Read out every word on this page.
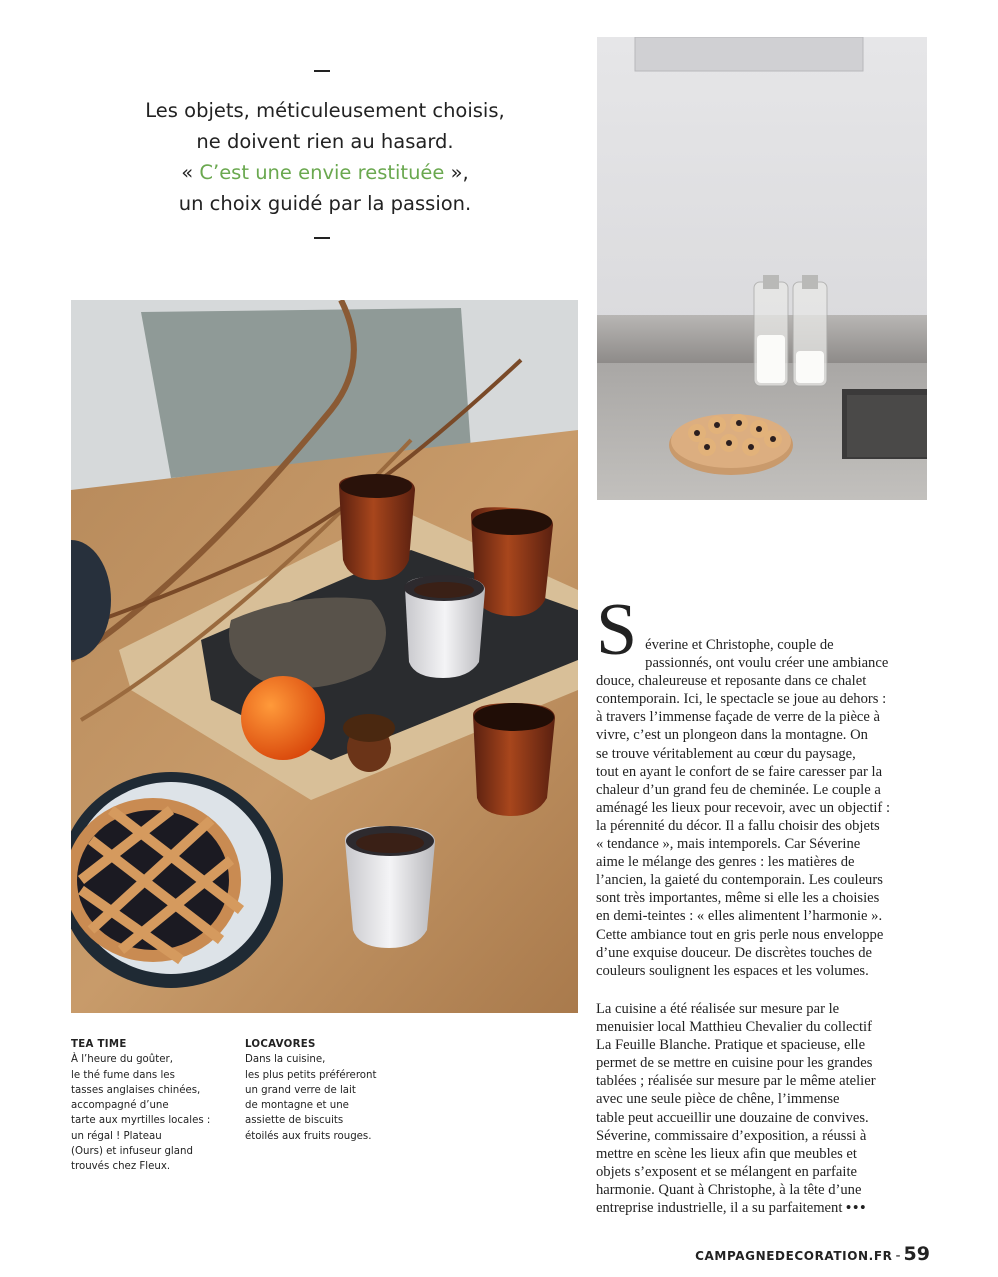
Les objets, méticuleusement choisis,
ne doivent rien au hasard.
« C’est une envie restituée »,
un choix guidé par la passion.
TEA TIME
À l’heure du goûter,
le thé fume dans les
tasses anglaises chinées,
accompagné d’une
tarte aux myrtilles locales :
un régal ! Plateau
(Ours) et infuseur gland
trouvés chez Fleux.
LOCAVORES
Dans la cuisine,
les plus petits préféreront
un grand verre de lait
de montagne et une
assiette de biscuits
étoilés aux fruits rouges.
S éverine et Christophe, couple de
passionnés, ont voulu créer une ambiance
douce, chaleureuse et reposante dans ce chalet
contemporain. Ici, le spectacle se joue au dehors :
à travers l’immense façade de verre de la pièce à
vivre, c’est un plongeon dans la montagne. On
se trouve véritablement au cœur du paysage,
tout en ayant le confort de se faire caresser par la
chaleur d’un grand feu de cheminée. Le couple a
aménagé les lieux pour recevoir, avec un objectif :
la pérennité du décor. Il a fallu choisir des objets
« tendance », mais intemporels. Car Séverine
aime le mélange des genres : les matières de
l’ancien, la gaieté du contemporain. Les couleurs
sont très importantes, même si elle les a choisies
en demi-teintes : « elles alimentent l’harmonie ».
Cette ambiance tout en gris perle nous enveloppe
d’une exquise douceur. De discrètes touches de
couleurs soulignent les espaces et les volumes.
La cuisine a été réalisée sur mesure par le
menuisier local Matthieu Chevalier du collectif
La Feuille Blanche. Pratique et spacieuse, elle
permet de se mettre en cuisine pour les grandes
tablées ; réalisée sur mesure par le même atelier
avec une seule pièce de chêne, l’immense
table peut accueillir une douzaine de convives.
Séverine, commissaire d’exposition, a réussi à
mettre en scène les lieux afin que meubles et
objets s’exposent et se mélangent en parfaite
harmonie. Quant à Christophe, à la tête d’une
entreprise industrielle, il a su parfaitement •••
CAMPAGNEDECORATION.FR - 59
